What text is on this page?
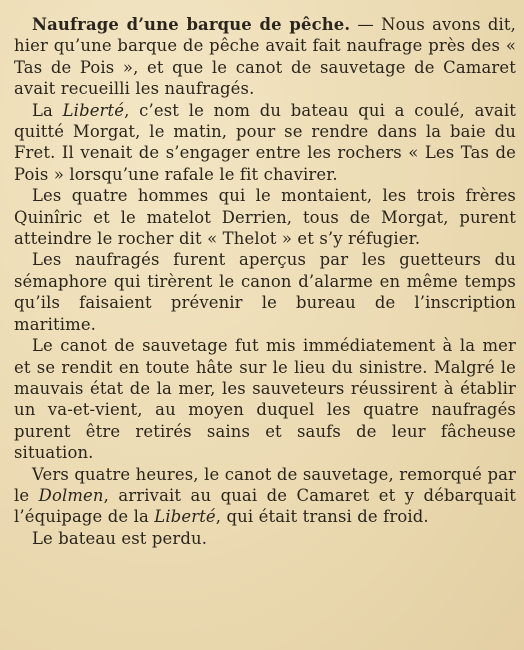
Naufrage d’une barque de pêche. — Nous avons dit, hier qu’une barque de pêche avait fait naufrage près des « Tas de Pois », et que le canot de sauvetage de Camaret avait recueilli les naufragés.

La Liberté, c’est le nom du bateau qui a coulé, avait quitté Morgat, le matin, pour se rendre dans la baie du Fret. Il venait de s’engager entre les rochers « Les Tas de Pois » lorsqu’une rafale le fit chavirer.

Les quatre hommes qui le montaient, les trois frères Quinîric et le matelot Derrien, tous de Morgat, purent atteindre le rocher dit « Thelot » et s’y réfugier.

Les naufragés furent aperçus par les guetteurs du sémaphore qui tirèrent le canon d’alarme en même temps qu’ils faisaient prévenir le bureau de l’inscription maritime.

Le canot de sauvetage fut mis immédiatement à la mer et se rendit en toute hâte sur le lieu du sinistre. Malgré le mauvais état de la mer, les sauveteurs réussirent à établir un va-et-vient, au moyen duquel les quatre naufragés purent être retirés sains et saufs de leur fâcheuse situation.

Vers quatre heures, le canot de sauvetage, remorqué par le Dolmen, arrivait au quai de Camaret et y débarquait l’équipage de la Liberté, qui était transi de froid.

Le bateau est perdu.
